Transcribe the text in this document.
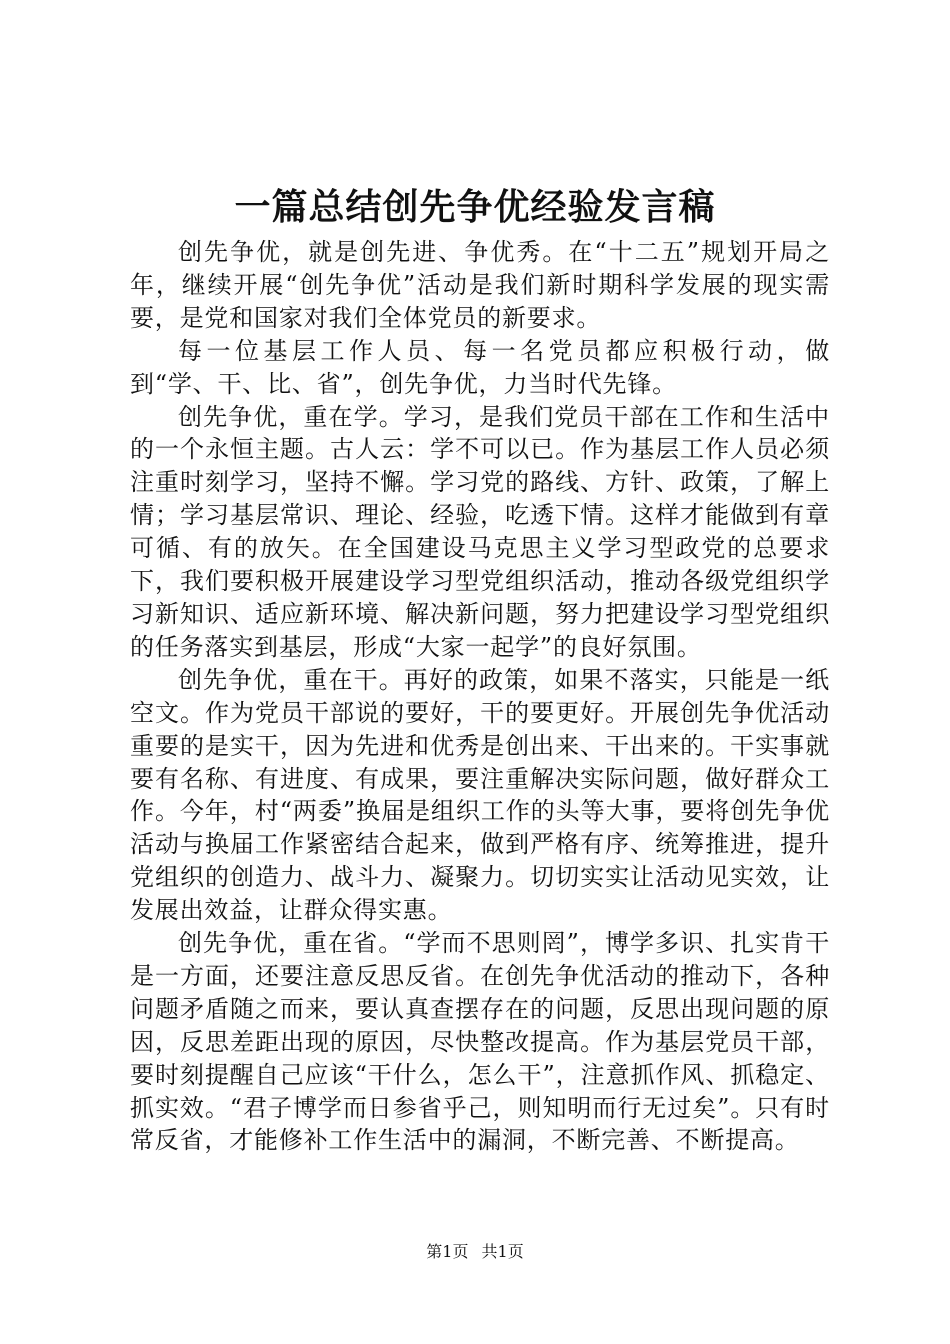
一篇总结创先争优经验发言稿

创先争优，就是创先进、争优秀。在“十二五”规划开局之年，继续开展“创先争优”活动是我们新时期科学发展的现实需要，是党和国家对我们全体党员的新要求。

每一位基层工作人员、每一名党员都应积极行动，做到“学、干、比、省”，创先争优，力当时代先锋。

创先争优，重在学。学习，是我们党员干部在工作和生活中的一个永恒主题。古人云：学不可以已。作为基层工作人员必须注重时刻学习，坚持不懈。学习党的路线、方针、政策，了解上情；学习基层常识、理论、经验，吃透下情。这样才能做到有章可循、有的放矢。在全国建设马克思主义学习型政党的总要求下，我们要积极开展建设学习型党组织活动，推动各级党组织学习新知识、适应新环境、解决新问题，努力把建设学习型党组织的任务落实到基层，形成“大家一起学”的良好氛围。

创先争优，重在干。再好的政策，如果不落实，只能是一纸空文。作为党员干部说的要好，干的要更好。开展创先争优活动重要的是实干，因为先进和优秀是创出来、干出来的。干实事就要有名称、有进度、有成果，要注重解决实际问题，做好群众工作。今年，村“两委”换届是组织工作的头等大事，要将创先争优活动与换届工作紧密结合起来，做到严格有序、统筹推进，提升党组织的创造力、战斗力、凝聚力。切切实实让活动见实效，让发展出效益，让群众得实惠。

创先争优，重在省。“学而不思则罔”，博学多识、扎实肯干是一方面，还要注意反思反省。在创先争优活动的推动下，各种问题矛盾随之而来，要认真查摆存在的问题，反思出现问题的原因，反思差距出现的原因，尽快整改提高。作为基层党员干部，要时刻提醒自己应该“干什么，怎么干”，注意抓作风、抓稳定、抓实效。“君子博学而日参省乎己，则知明而行无过矣”。只有时常反省，才能修补工作生活中的漏洞，不断完善、不断提高。

第1页 共1页
